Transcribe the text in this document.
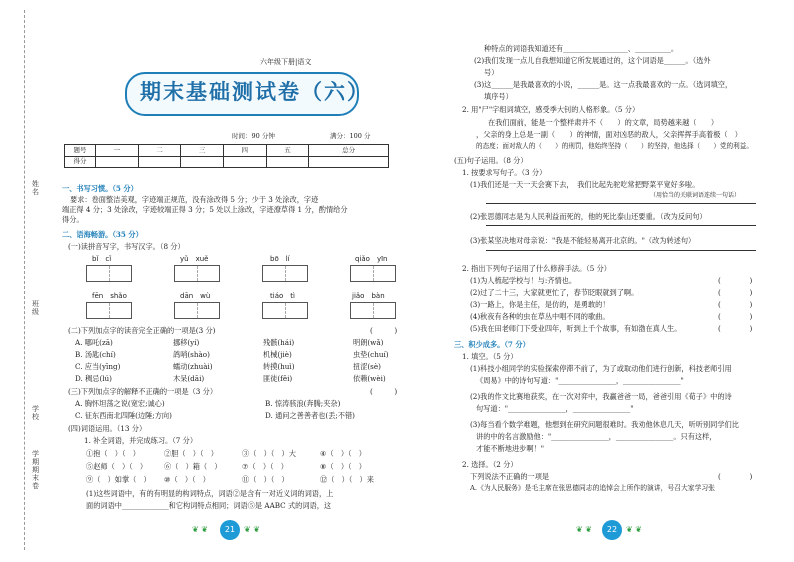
姓名
班级
学校
学期期末卷
六年级下册|语文
期末基础测试卷（六）
时间：90 分钟	满分：100 分
题号	一	二	三	四	五	总分
得分						
一、书写习惯。（5 分）
要求：卷面整洁美观，字迹端正规范，没有涂改得 5 分；少于 3 处涂改，字迹
端正得 4 分；3 处涂改，字迹较端正得 3 分；5 处以上涂改，字迹潦草得 1 分，酌情给分
得分。
二、语海畅游。（35 分）
(一)读拼音写字，书写汉字。（8 分）
bǐ　cǐ	yǔ　xuě	bō　lí	qiǎo　yīn
fēn　shǎo	dān　wù	tiáo　tì	jiǎo　bàn
(二)下列加点字的读音完全正确的一项是(3 分)	(　　　)
A. 哪吒(zā)	挪移(yí)	残骸(hái)	明朗(wǎ)
B. 汤匙(chí)	鸽哨(shào)	机械(jiè)	虫垫(chuí)
C. 应当(yīng)	蠕动(zhuài)	转摸(huì)	扭涩(sè)
D. 稠忌(lú)	木呆(dāi)	匪徒(fěi)	依赖(wèi)
(三)下列加点字的解释不正确的一项是（3 分）	(　　　)
A. 胸怀坦荡之说(宽宏;诚心)	B. 惊涛骇浪(奔腾;夹杂)
C. 征东西南北四陲(边陲;方向)	D. 通问之善善者也(丢;不错)
(四)词语运用。（13 分）
1. 补全词语，并完成练习。（7 分）
①抱（　）（　）	②胆（　）（　）	③（　）（　）大	④（　）（　）
⑤赵师（　）（　） ⑥（　）箱（　）	⑦（　）（　）	⑧（　）（　）
⑨（　）如掌（　） ⑩（　）（　）	⑪（　）（　）	⑫（　）（　）来
(1)这些词语中，有的有明显的构词特点，词语②是含有一对近义词的词语，上
面的词语中_____________和它构词特点相同；词语⑤是 AABC 式的词语，这
❦ ❦	21	❦ ❦
种特点的词语我知道还有__________________、__________。
(2)我们发现一点儿自我想知道它所发展通过的，这个词语是______。（选外
号）
(3)这______是我最喜欢的小说，______是。这一点我最喜欢的一点。（选词填空，
填序号）
2. 用"尸"字组词填空，感受季大钊的人格形象。（5 分）
在我们面前，能是一个整样肃并不（　　）的文章，局势越来越（　　）
，父亲的身上总是一副（　　）的神情，面对凶恶的敌人，父亲挥挥手高着极（　）
的态度；面对敌人的（　　）的刑罚，他始终坚持（　　）的坚持，他选择（　　）党的利益。
(五)句子运用。（8 分）
1. 按要求写句子。（3 分）
(1)我们还是一天一天会赛下去，　我们比起先驼吃常把野菜平宽好多啦。
（用恰当的关联词语连续一句话）
(2)张思德同志是为人民利益而死的，他的死比泰山还要重。（改为反问句）
(3)张某坚决地对母亲说："我是不能轻易离开北京的。"（改为转述句）
2. 指出下列句子运用了什么修辞手法。（5 分）
(1)为人梳起学校与！与:齐情也。	(　　　　)
(2)过了二十三，大家就更忙了，春节眨眼就到了啊。	(　　　　)
(3)一路上，你是主任，是仿的，是勇敢的！	(　　　　)
(4)秋夜有各种的虫在草丛中唱不同的歌曲。	(　　　　)
(5)我在田老师门下受业四年，听到上千个故事，有如渤在真人生。	(　　　　)
三、积少成多。（7 分）
1. 填空。（5 分）
(1)科技小组同学的实验探索停滞不前了，为了或取动他们进行创新，科技老师引用
《周易》中的诗句写道："________________，________________"
(2)我的作文比赛地获奖，在一次对弈中，我赢爸爸一局，爸爸引用《荀子》中的诗
句写道："________________，________________"
(3)每当看个数学难题，他想到在研究问题很难时。我劝他休息几天，听听别同学们比
讲的中的名言激励他："________________，________________。只有这样，
才能不断地进步啊！"
2. 选择。（2 分）
下列说法不正确的一项是	(　　　　)
A.《为人民服务》是毛主席在张思德同志的追悼会上所作的演讲，号召大家学习张
❦ ❦	22	❦ ❦
